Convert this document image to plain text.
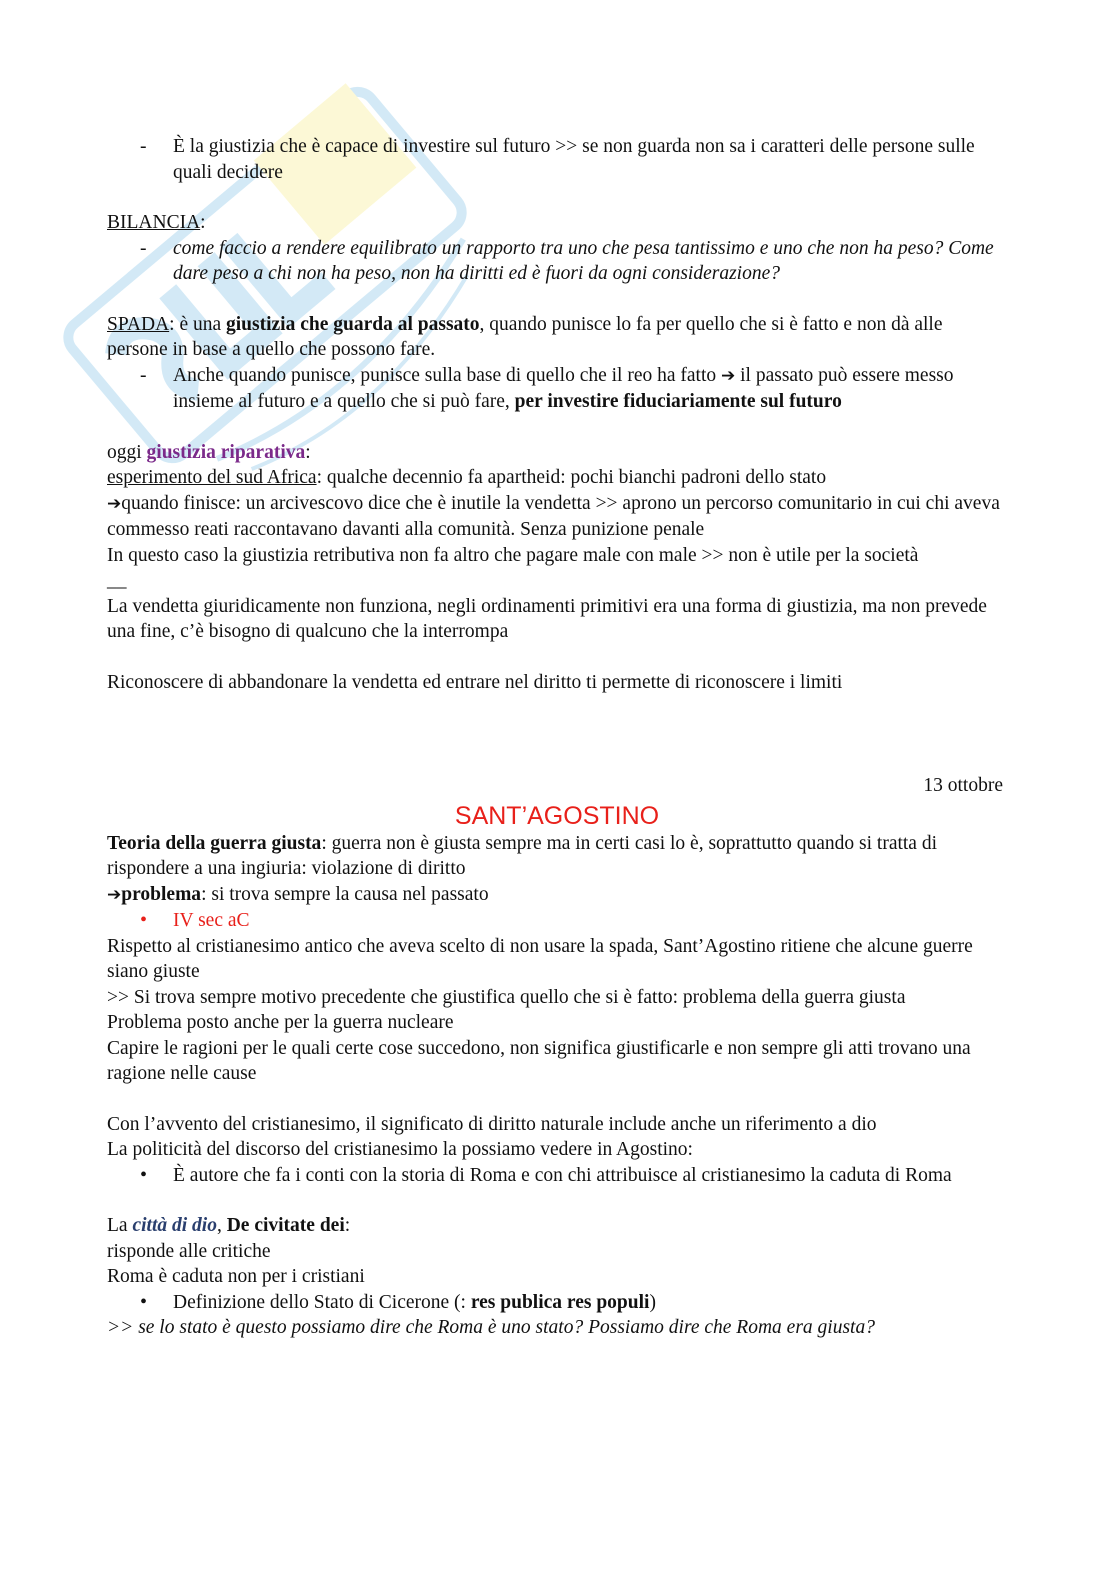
- È la giustizia che è capace di investire sul futuro >> se non guarda non sa i caratteri delle persone sulle quali decidere

BILANCIA:

- come faccio a rendere equilibrato un rapporto tra uno che pesa tantissimo e uno che non ha peso? Come dare peso a chi non ha peso, non ha diritti ed è fuori da ogni considerazione?

SPADA: è una giustizia che guarda al passato, quando punisce lo fa per quello che si è fatto e non dà alle persone in base a quello che possono fare.

- Anche quando punisce, punisce sulla base di quello che il reo ha fatto ➔ il passato può essere messo insieme al futuro e a quello che si può fare, per investire fiduciariamente sul futuro

oggi giustizia riparativa:

esperimento del sud Africa: qualche decennio fa apartheid: pochi bianchi padroni dello stato

➔quando finisce: un arcivescovo dice che è inutile la vendetta >> aprono un percorso comunitario in cui chi aveva commesso reati raccontavano davanti alla comunità. Senza punizione penale

In questo caso la giustizia retributiva non fa altro che pagare male con male >> non è utile per la società

__

La vendetta giuridicamente non funziona, negli ordinamenti primitivi era una forma di giustizia, ma non prevede una fine, c’è bisogno di qualcuno che la interrompa

Riconoscere di abbandonare la vendetta ed entrare nel diritto ti permette di riconoscere i limiti

13 ottobre

SANT’AGOSTINO

Teoria della guerra giusta: guerra non è giusta sempre ma in certi casi lo è, soprattutto quando si tratta di rispondere a una ingiuria: violazione di diritto

➔problema: si trova sempre la causa nel passato

• IV sec aC

Rispetto al cristianesimo antico che aveva scelto di non usare la spada, Sant’Agostino ritiene che alcune guerre siano giuste

>> Si trova sempre motivo precedente che giustifica quello che si è fatto: problema della guerra giusta

Problema posto anche per la guerra nucleare

Capire le ragioni per le quali certe cose succedono, non significa giustificarle e non sempre gli atti trovano una ragione nelle cause

Con l’avvento del cristianesimo, il significato di diritto naturale include anche un riferimento a dio

La politicità del discorso del cristianesimo la possiamo vedere in Agostino:

• È autore che fa i conti con la storia di Roma e con chi attribuisce al cristianesimo la caduta di Roma

La città di dio, De civitate dei:

risponde alle critiche

Roma è caduta non per i cristiani

• Definizione dello Stato di Cicerone (: res publica res populi)

>> se lo stato è questo possiamo dire che Roma è uno stato? Possiamo dire che Roma era giusta?
